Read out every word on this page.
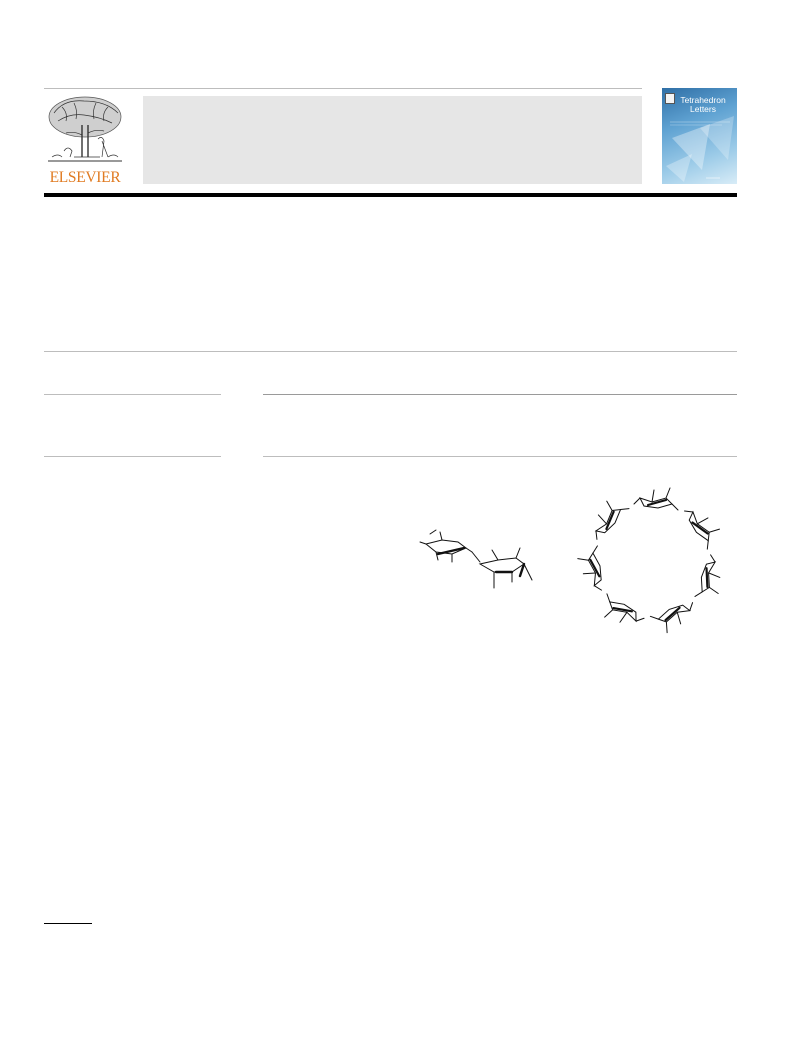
ELSEVIER
Tetrahedron
Letters
